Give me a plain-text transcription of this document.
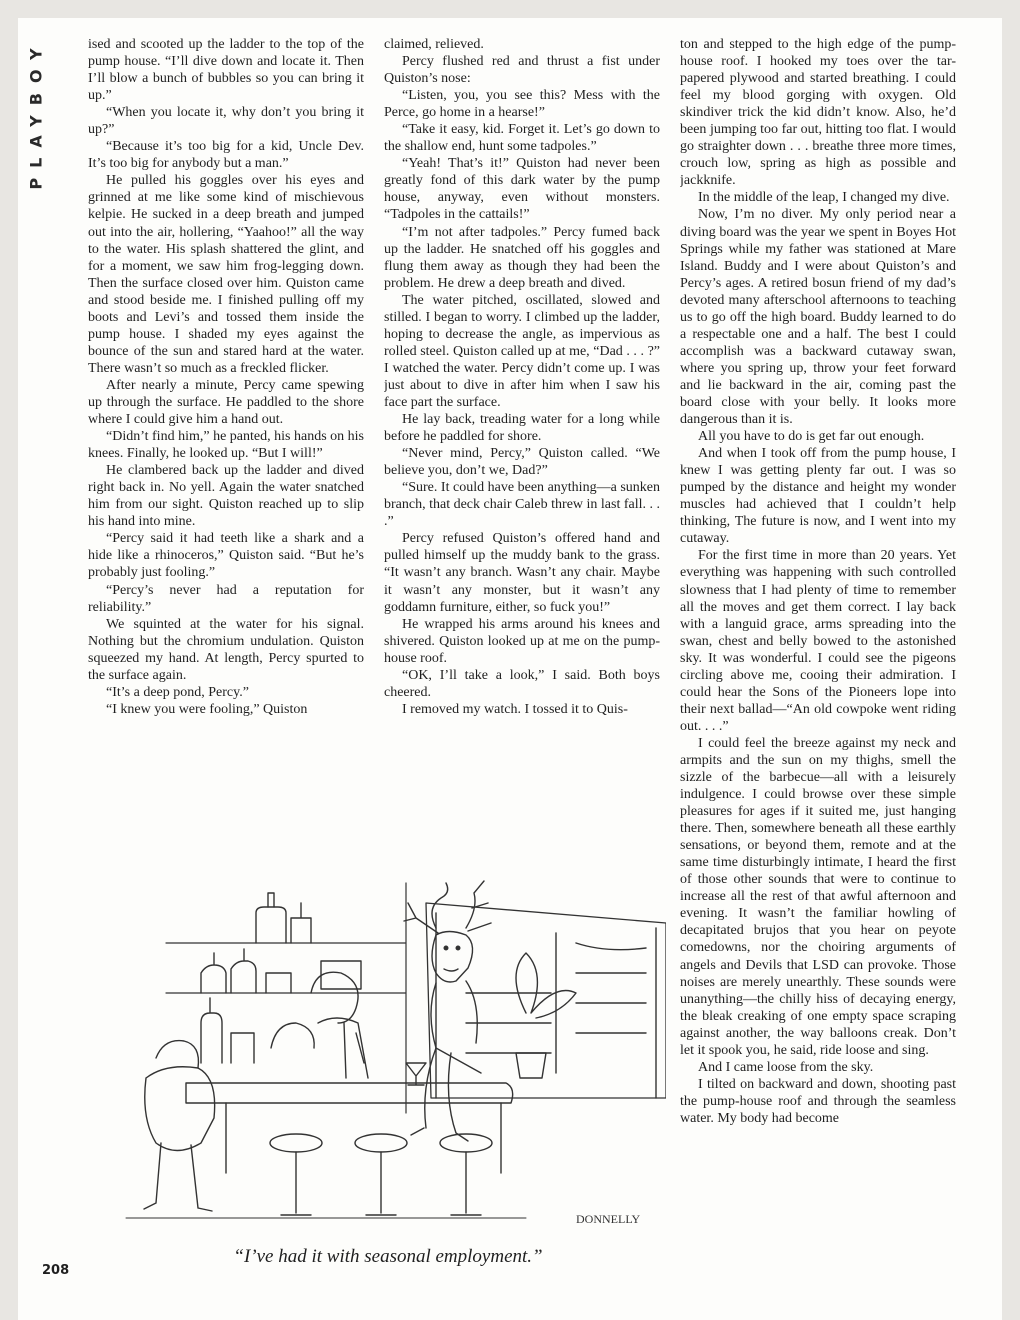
PLAYBOY	ised and scooted up the ladder to the top of the pump house. “I’ll dive down and locate it. Then I’ll blow a bunch of bubbles so you can bring it up.”

“When you locate it, why don’t you bring it up?”

“Because it’s too big for a kid, Uncle Dev. It’s too big for anybody but a man.”

He pulled his goggles over his eyes and grinned at me like some kind of mischievous kelpie. He sucked in a deep breath and jumped out into the air, hollering, “Yaahoo!” all the way to the water. His splash shattered the glint, and for a moment, we saw him frog-legging down. Then the surface closed over him. Quiston came and stood beside me. I finished pulling off my boots and Levi’s and tossed them inside the pump house. I shaded my eyes against the bounce of the sun and stared hard at the water. There wasn’t so much as a freckled flicker.

After nearly a minute, Percy came spewing up through the surface. He paddled to the shore where I could give him a hand out.

“Didn’t find him,” he panted, his hands on his knees. Finally, he looked up. “But I will!”

He clambered back up the ladder and dived right back in. No yell. Again the water snatched him from our sight. Quiston reached up to slip his hand into mine.

“Percy said it had teeth like a shark and a hide like a rhinoceros,” Quiston said. “But he’s probably just fooling.”

“Percy’s never had a reputation for reliability.”

We squinted at the water for his signal. Nothing but the chromium undulation. Quiston squeezed my hand. At length, Percy spurted to the surface again.

“It’s a deep pond, Percy.”

“I knew you were fooling,” Quiston

claimed, relieved.

Percy flushed red and thrust a fist under Quiston’s nose:

“Listen, you, you see this? Mess with the Perce, go home in a hearse!”

“Take it easy, kid. Forget it. Let’s go down to the shallow end, hunt some tadpoles.”

“Yeah! That’s it!” Quiston had never been greatly fond of this dark water by the pump house, anyway, even without monsters. “Tadpoles in the cattails!”

“I’m not after tadpoles.” Percy fumed back up the ladder. He snatched off his goggles and flung them away as though they had been the problem. He drew a deep breath and dived.

The water pitched, oscillated, slowed and stilled. I began to worry. I climbed up the ladder, hoping to decrease the angle, as impervious as rolled steel. Quiston called up at me, “Dad . . . ?” I watched the water. Percy didn’t come up. I was just about to dive in after him when I saw his face part the surface.

He lay back, treading water for a long while before he paddled for shore.

“Never mind, Percy,” Quiston called. “We believe you, don’t we, Dad?”

“Sure. It could have been anything—a sunken branch, that deck chair Caleb threw in last fall. . . .”

Percy refused Quiston’s offered hand and pulled himself up the muddy bank to the grass. “It wasn’t any branch. Wasn’t any chair. Maybe it wasn’t any monster, but it wasn’t any goddamn furniture, either, so fuck you!”

He wrapped his arms around his knees and shivered. Quiston looked up at me on the pump-house roof.

“OK, I’ll take a look,” I said. Both boys cheered.

I removed my watch. I tossed it to Quis-

ton and stepped to the high edge of the pump-house roof. I hooked my toes over the tar-papered plywood and started breathing. I could feel my blood gorging with oxygen. Old skindiver trick the kid didn’t know. Also, he’d been jumping too far out, hitting too flat. I would go straighter down . . . breathe three more times, crouch low, spring as high as possible and jackknife.

In the middle of the leap, I changed my dive.

Now, I’m no diver. My only period near a diving board was the year we spent in Boyes Hot Springs while my father was stationed at Mare Island. Buddy and I were about Quiston’s and Percy’s ages. A retired bosun friend of my dad’s devoted many afterschool afternoons to teaching us to go off the high board. Buddy learned to do a respectable one and a half. The best I could accomplish was a backward cutaway swan, where you spring up, throw your feet forward and lie backward in the air, coming past the board close with your belly. It looks more dangerous than it is.

All you have to do is get far out enough.

And when I took off from the pump house, I knew I was getting plenty far out. I was so pumped by the distance and height my wonder muscles had achieved that I couldn’t help thinking, The future is now, and I went into my cutaway.

For the first time in more than 20 years. Yet everything was happening with such controlled slowness that I had plenty of time to remember all the moves and get them correct. I lay back with a languid grace, arms spreading into the swan, chest and belly bowed to the astonished sky. It was wonderful. I could see the pigeons circling above me, cooing their admiration. I could hear the Sons of the Pioneers lope into their next ballad—“An old cowpoke went riding out. . . .”

I could feel the breeze against my neck and armpits and the sun on my thighs, smell the sizzle of the barbecue—all with a leisurely indulgence. I could browse over these simple pleasures for ages if it suited me, just hanging there. Then, somewhere beneath all these earthly sensations, or beyond them, remote and at the same time disturbingly intimate, I heard the first of those other sounds that were to continue to increase all the rest of that awful afternoon and evening. It wasn’t the familiar howling of decapitated brujos that you hear on peyote comedowns, nor the choiring arguments of angels and Devils that LSD can provoke. Those noises are merely unearthly. These sounds were unanything—the chilly hiss of decaying energy, the bleak creaking of one empty space scraping against another, the way balloons creak. Don’t let it spook you, he said, ride loose and sing.

And I came loose from the sky.

I tilted on backward and down, shooting past the pump-house roof and through the seamless water. My body had become

DONNELLY
“I’ve had it with seasonal employment.”
208
